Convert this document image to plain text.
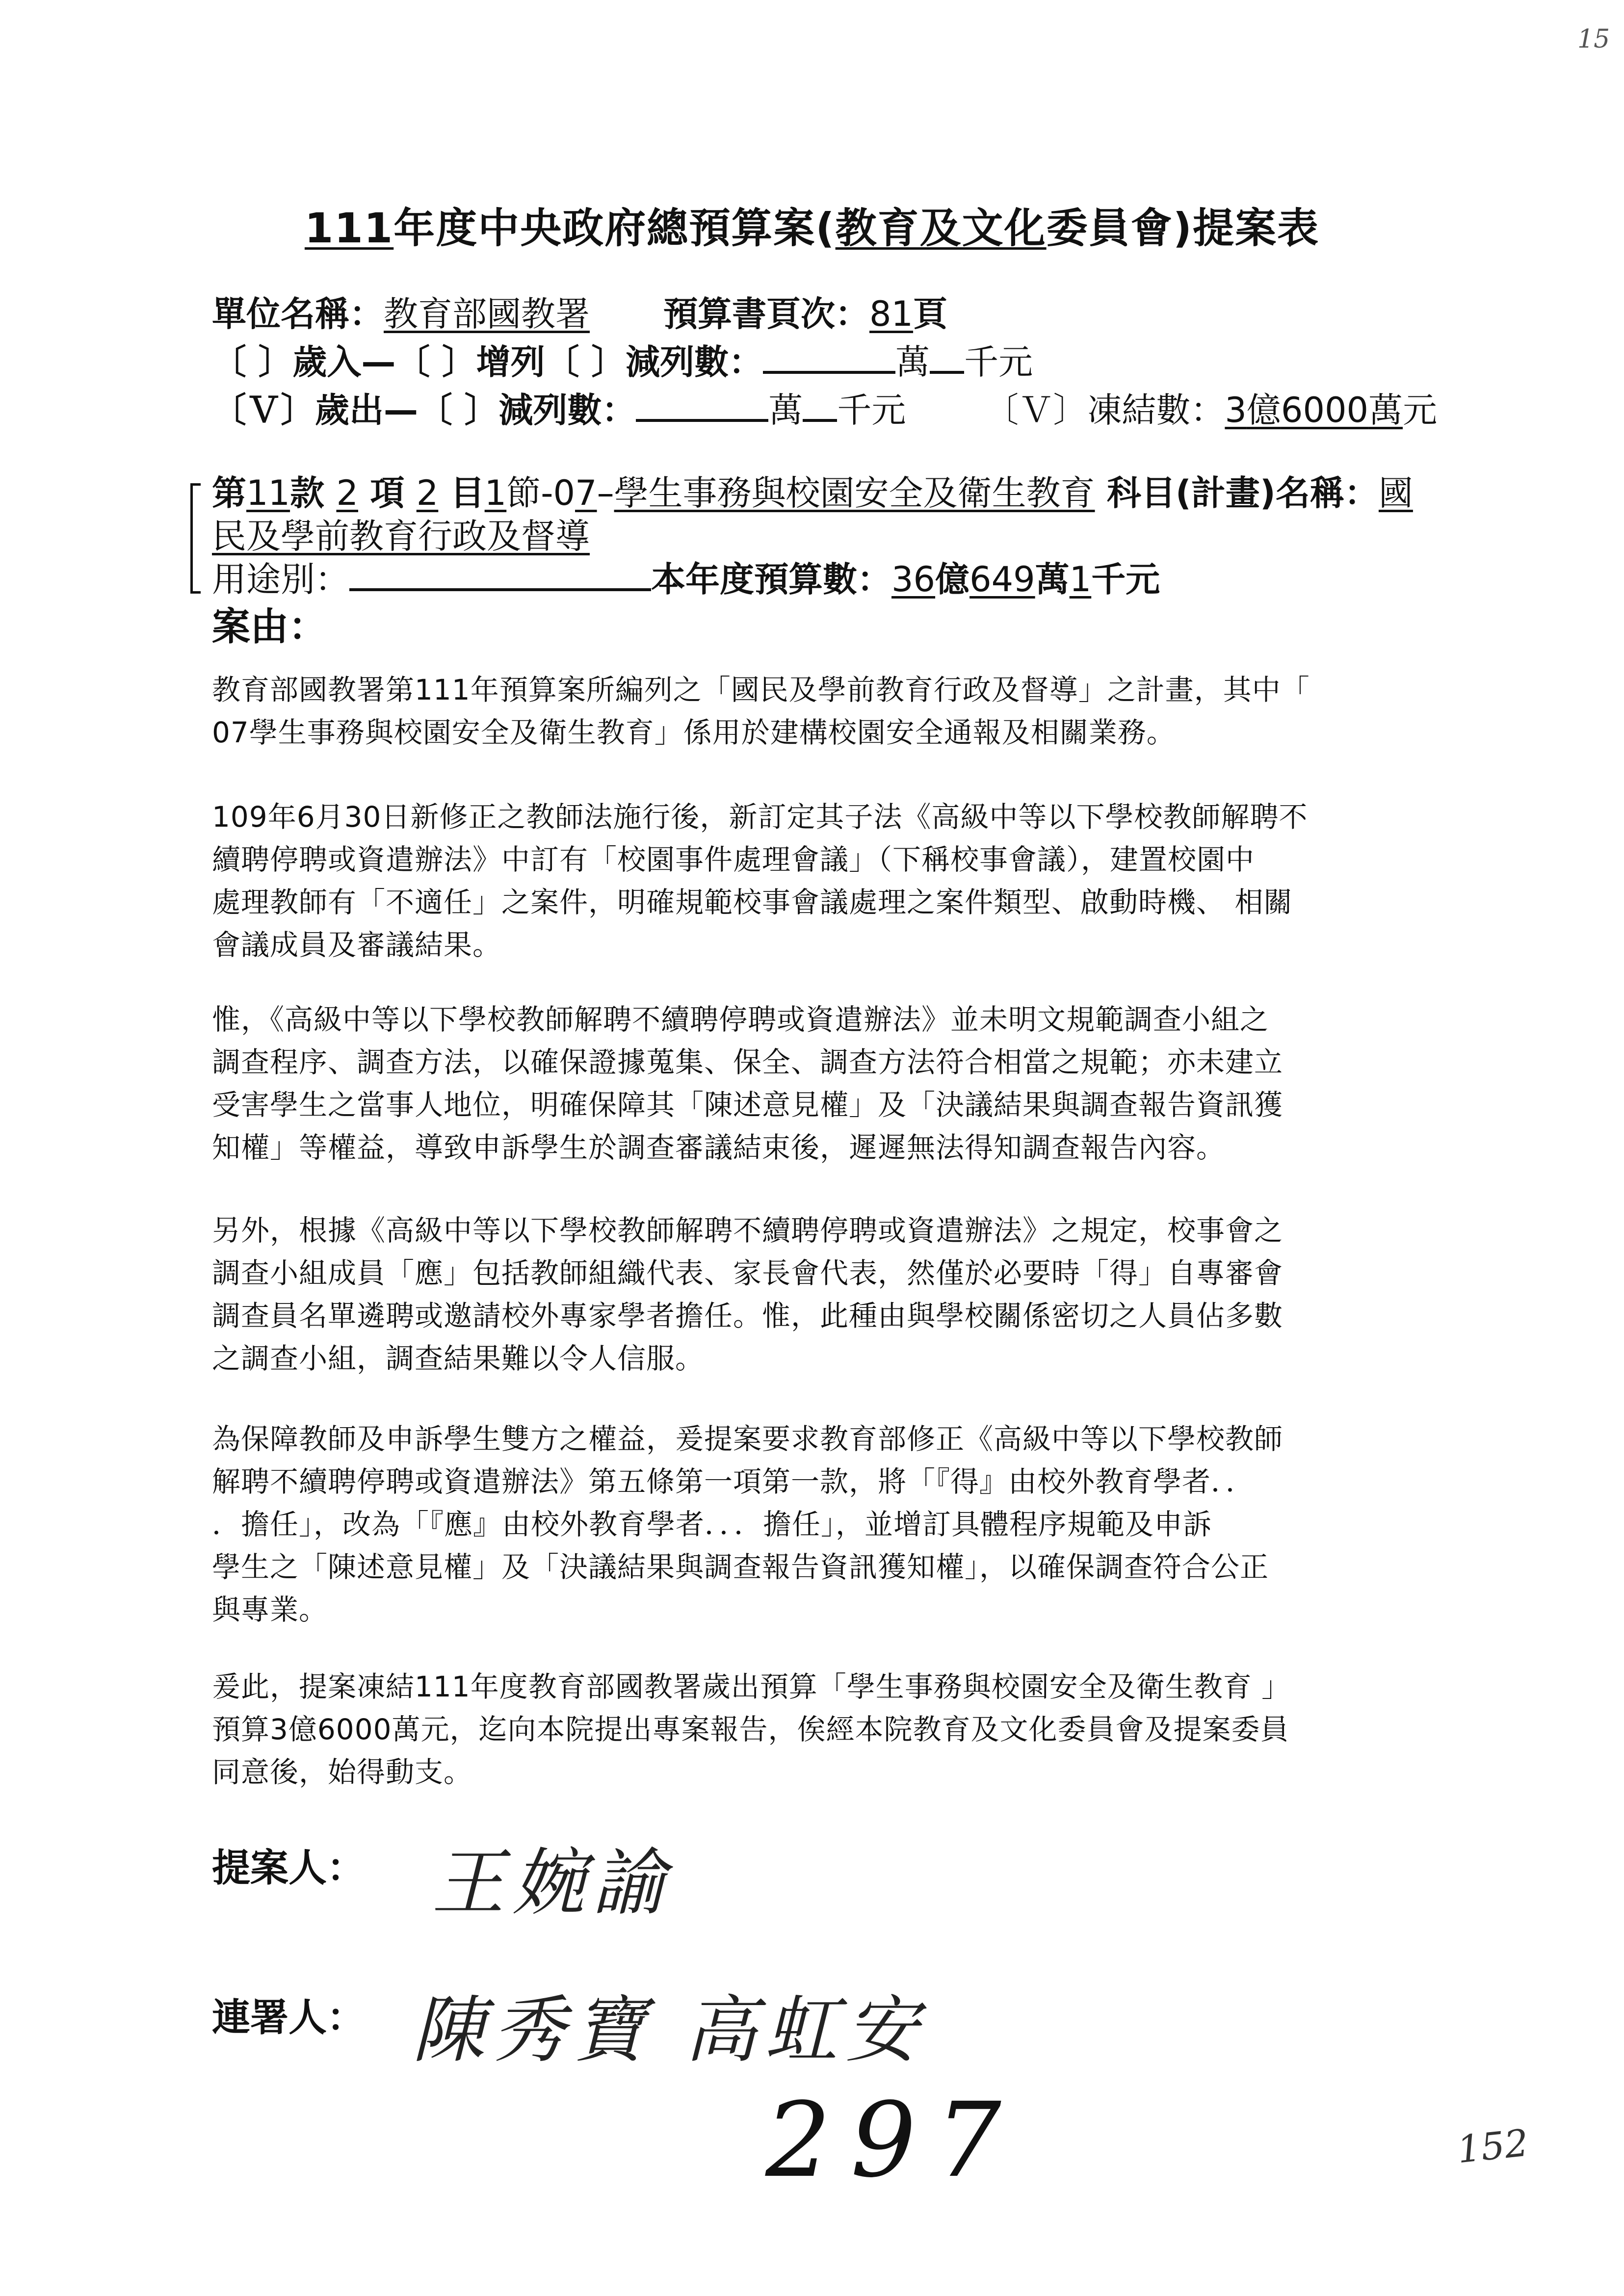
15
111年度中央政府總預算案(教育及文化委員會)提案表
單位名稱：教育部國教署 預算書頁次：81頁
〔 〕歲入—〔 〕增列〔 〕減列數：	萬 千元
〔Ｖ〕歲出—〔 〕減列數：	萬 千元 〔Ｖ〕凍結數：3億6000萬元
第11款 2 項 2 目1節-07–學生事務與校園安全及衛生教育 科目(計畫)名稱：國
民及學前教育行政及督導
用途別：	本年度預算數：36億649萬1千元
案由：

教育部國教署第111年預算案所編列之「國民及學前教育行政及督導」之計畫，其中「

07學生事務與校園安全及衛生教育」係用於建構校園安全通報及相關業務。

109年6月30日新修正之教師法施行後，新訂定其子法《高級中等以下學校教師解聘不

續聘停聘或資遣辦法》中訂有「校園事件處理會議」（下稱校事會議），建置校園中

處理教師有「不適任」之案件，明確規範校事會議處理之案件類型、啟動時機、 相關

會議成員及審議結果。

惟，《高級中等以下學校教師解聘不續聘停聘或資遣辦法》並未明文規範調查小組之

調查程序、調查方法，以確保證據蒐集、保全、調查方法符合相當之規範；亦未建立

受害學生之當事人地位，明確保障其「陳述意見權」及「決議結果與調查報告資訊獲

知權」等權益，導致申訴學生於調查審議結束後，遲遲無法得知調查報告內容。

另外，根據《高級中等以下學校教師解聘不續聘停聘或資遣辦法》之規定，校事會之

調查小組成員「應」包括教師組織代表、家長會代表，然僅於必要時「得」自專審會

調查員名單遴聘或邀請校外專家學者擔任。惟，此種由與學校關係密切之人員佔多數

之調查小組，調查結果難以令人信服。

為保障教師及申訴學生雙方之權益，爰提案要求教育部修正《高級中等以下學校教師

解聘不續聘停聘或資遣辦法》第五條第一項第一款，將「『得』由校外教育學者．．

．擔任」，改為「『應』由校外教育學者．．．擔任」，並增訂具體程序規範及申訴

學生之「陳述意見權」及「決議結果與調查報告資訊獲知權」，以確保調查符合公正

與專業。

爰此，提案凍結111年度教育部國教署歲出預算「學生事務與校園安全及衛生教育 」

預算3億6000萬元，迄向本院提出專案報告，俟經本院教育及文化委員會及提案委員

同意後，始得動支。

提案人： 王婉諭
連署人： 陳秀寶 高虹安
297	152
